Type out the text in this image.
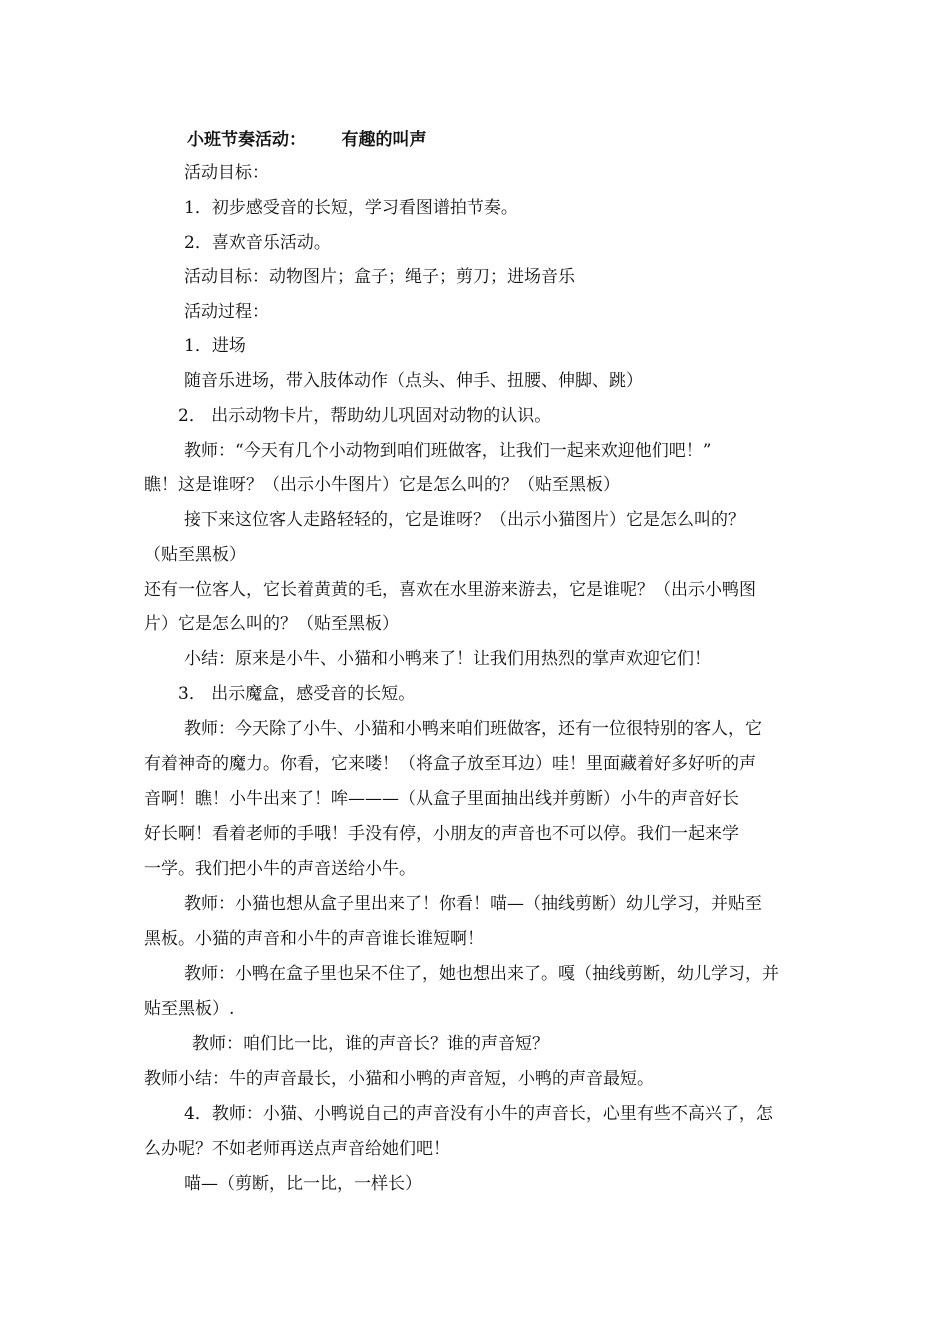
小班节奏活动：      有趣的叫声
活动目标：
1．初步感受音的长短，学习看图谱拍节奏。
2．喜欢音乐活动。
活动目标：动物图片；盒子；绳子；剪刀；进场音乐
活动过程：
1．进场
随音乐进场，带入肢体动作（点头、伸手、扭腰、伸脚、跳）
2． 出示动物卡片，帮助幼儿巩固对动物的认识。
教师：“今天有几个小动物到咱们班做客，让我们一起来欢迎他们吧！”
瞧！这是谁呀？（出示小牛图片）它是怎么叫的？（贴至黑板）
接下来这位客人走路轻轻的，它是谁呀？（出示小猫图片）它是怎么叫的？
（贴至黑板）
还有一位客人，它长着黄黄的毛，喜欢在水里游来游去，它是谁呢？（出示小鸭图
片）它是怎么叫的？（贴至黑板）
小结：原来是小牛、小猫和小鸭来了！让我们用热烈的掌声欢迎它们！
3． 出示魔盒，感受音的长短。
教师：今天除了小牛、小猫和小鸭来咱们班做客，还有一位很特别的客人，它
有着神奇的魔力。你看，它来喽！（将盒子放至耳边）哇！里面藏着好多好听的声
音啊！瞧！小牛出来了！哞———（从盒子里面抽出线并剪断）小牛的声音好长
好长啊！看着老师的手哦！手没有停，小朋友的声音也不可以停。我们一起来学
一学。我们把小牛的声音送给小牛。
教师：小猫也想从盒子里出来了！你看！喵—（抽线剪断）幼儿学习，并贴至
黑板。小猫的声音和小牛的声音谁长谁短啊！
教师：小鸭在盒子里也呆不住了，她也想出来了。嘎（抽线剪断，幼儿学习，并
贴至黑板）.
教师：咱们比一比，谁的声音长？谁的声音短？
教师小结：牛的声音最长，小猫和小鸭的声音短，小鸭的声音最短。
4．教师：小猫、小鸭说自己的声音没有小牛的声音长，心里有些不高兴了，怎
么办呢？不如老师再送点声音给她们吧！
喵—（剪断，比一比，一样长）
